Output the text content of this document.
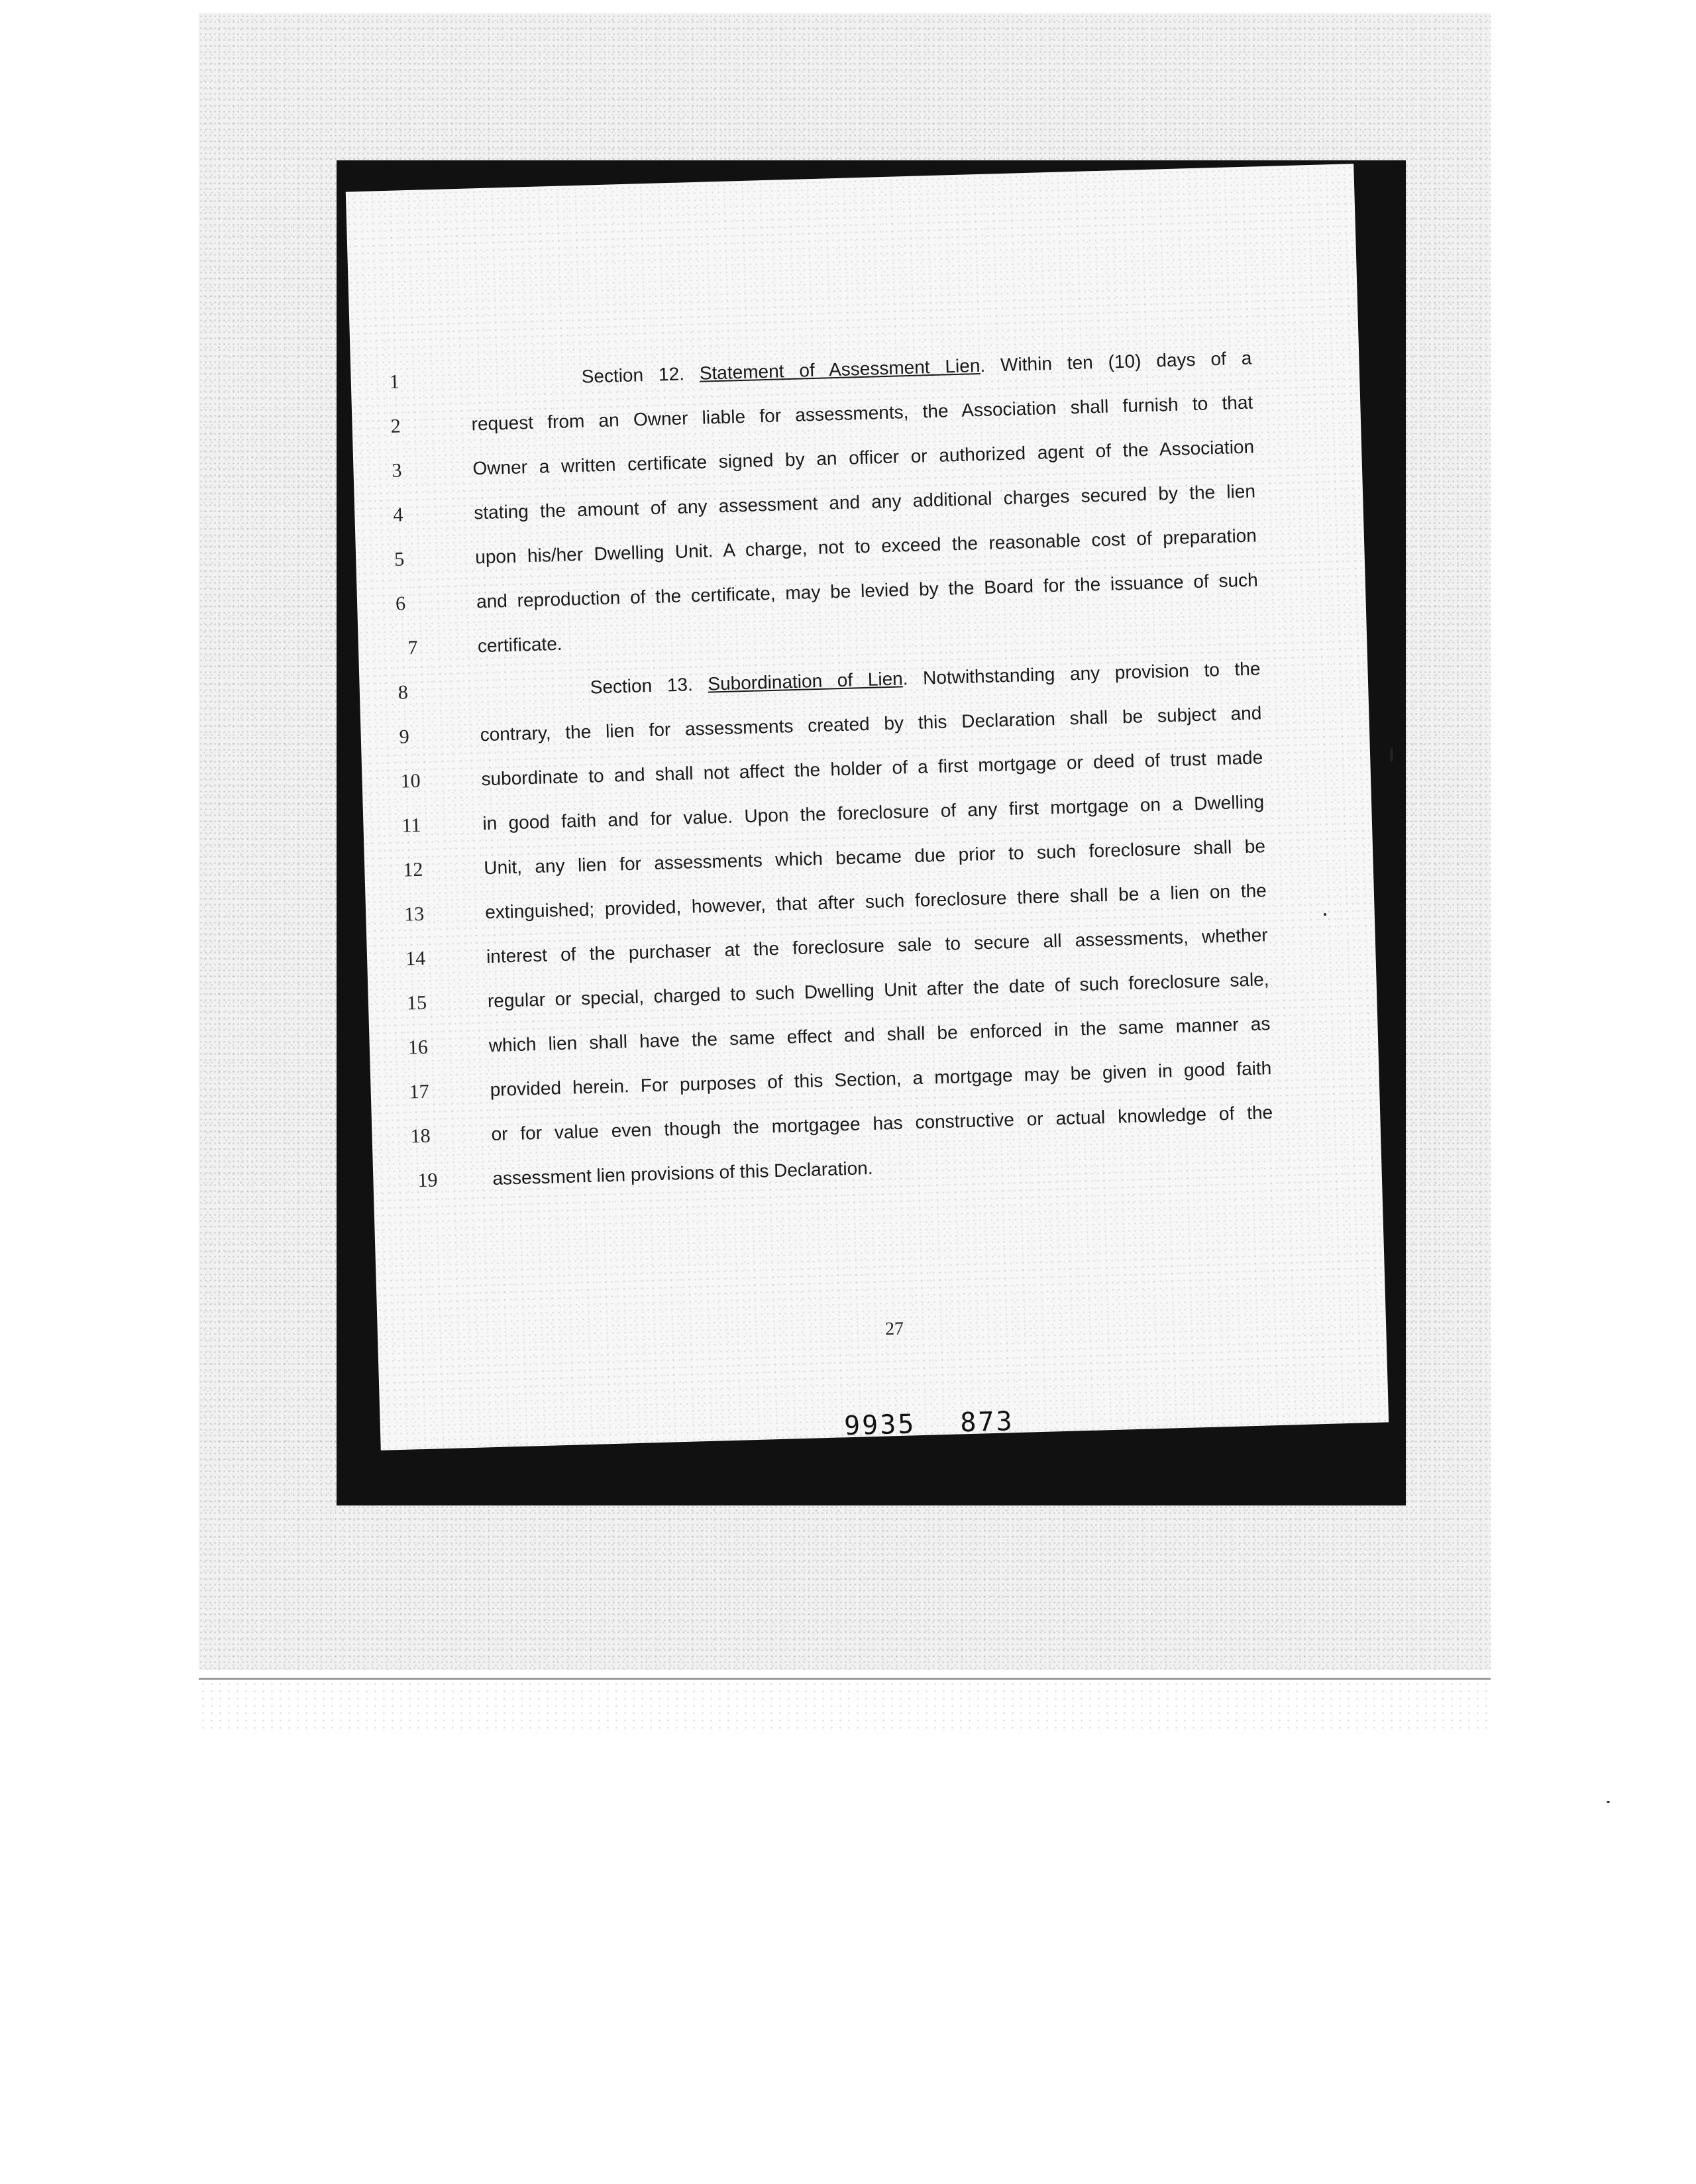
1	Section 12. Statement of Assessment Lien. Within ten (10) days of a
2	request from an Owner liable for assessments, the Association shall furnish to that
3	Owner a written certificate signed by an officer or authorized agent of the Association
4	stating the amount of any assessment and any additional charges secured by the lien
5	upon his/her Dwelling Unit. A charge, not to exceed the reasonable cost of preparation
6	and reproduction of the certificate, may be levied by the Board for the issuance of such
7	certificate.
8	Section 13. Subordination of Lien. Notwithstanding any provision to the
9	contrary, the lien for assessments created by this Declaration shall be subject and
10	subordinate to and shall not affect the holder of a first mortgage or deed of trust made
11	in good faith and for value. Upon the foreclosure of any first mortgage on a Dwelling
12	Unit, any lien for assessments which became due prior to such foreclosure shall be
13	extinguished; provided, however, that after such foreclosure there shall be a lien on the
14	interest of the purchaser at the foreclosure sale to secure all assessments, whether
15	regular or special, charged to such Dwelling Unit after the date of such foreclosure sale,
16	which lien shall have the same effect and shall be enforced in the same manner as
17	provided herein. For purposes of this Section, a mortgage may be given in good faith
18	or for value even though the mortgagee has constructive or actual knowledge of the
19	assessment lien provisions of this Declaration.
27
9935 873
